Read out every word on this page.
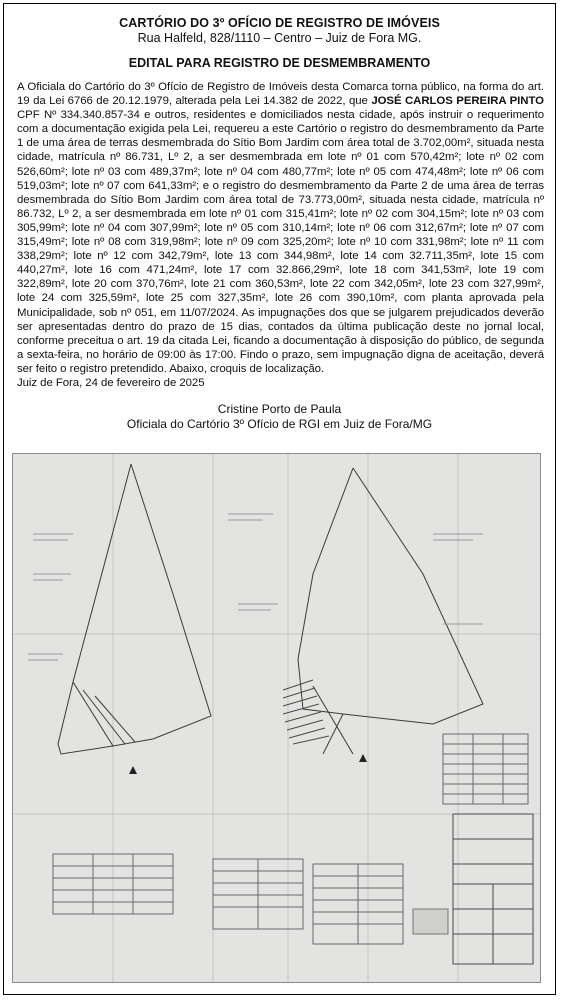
CARTÓRIO DO 3º OFÍCIO DE REGISTRO DE IMÓVEIS
Rua Halfeld, 828/1110 – Centro – Juiz de Fora MG.
EDITAL PARA REGISTRO DE DESMEMBRAMENTO
A Oficiala do Cartório do 3º Ofício de Registro de Imóveis desta Comarca torna público, na forma do art. 19 da Lei 6766 de 20.12.1979, alterada pela Lei 14.382 de 2022, que JOSÉ CARLOS PEREIRA PINTO CPF Nº 334.340.857-34 e outros, residentes e domiciliados nesta cidade, após instruir o requerimento com a documentação exigida pela Lei, requereu a este Cartório o registro do desmembramento da Parte 1 de uma área de terras desmembrada do Sítio Bom Jardim com área total de 3.702,00m², situada nesta cidade, matrícula nº 86.731, Lº 2, a ser desmembrada em lote nº 01 com 570,42m²; lote nº 02 com 526,60m²; lote nº 03 com 489,37m²; lote nº 04 com 480,77m²; lote nº 05 com 474,48m²; lote nº 06 com 519,03m²; lote nº 07 com 641,33m²; e o registro do desmembramento da Parte 2 de uma área de terras desmembrada do Sítio Bom Jardim com área total de 73.773,00m², situada nesta cidade, matrícula nº 86.732, Lº 2, a ser desmembrada em lote nº 01 com 315,41m²; lote nº 02 com 304,15m²; lote nº 03 com 305,99m²; lote nº 04 com 307,99m²; lote nº 05 com 310,14m²; lote nº 06 com 312,67m²; lote nº 07 com 315,49m²; lote nº 08 com 319,98m²; lote nº 09 com 325,20m²; lote nº 10 com 331,98m²; lote nº 11 com 338,29m²; lote nº 12 com 342,79m², lote 13 com 344,98m², lote 14 com 32.711,35m², lote 15 com 440,27m², lote 16 com 471,24m², lote 17 com 32.866,29m², lote 18 com 341,53m², lote 19 com 322,89m², lote 20 com 370,76m², lote 21 com 360,53m², lote 22 com 342,05m², lote 23 com 327,99m², lote 24 com 325,59m², lote 25 com 327,35m², lote 26 com 390,10m², com planta aprovada pela Municipalidade, sob nº 051, em 11/07/2024. As impugnações dos que se julgarem prejudicados deverão ser apresentadas dentro do prazo de 15 dias, contados da última publicação deste no jornal local, conforme preceitua o art. 19 da citada Lei, ficando a documentação à disposição do público, de segunda a sexta-feira, no horário de 09:00 às 17:00. Findo o prazo, sem impugnação digna de aceitação, deverá ser feito o registro pretendido. Abaixo, croquis de localização.
Juiz de Fora, 24 de fevereiro de 2025
Cristine Porto de Paula
Oficiala do Cartório 3º Ofício de RGI em Juiz de Fora/MG
